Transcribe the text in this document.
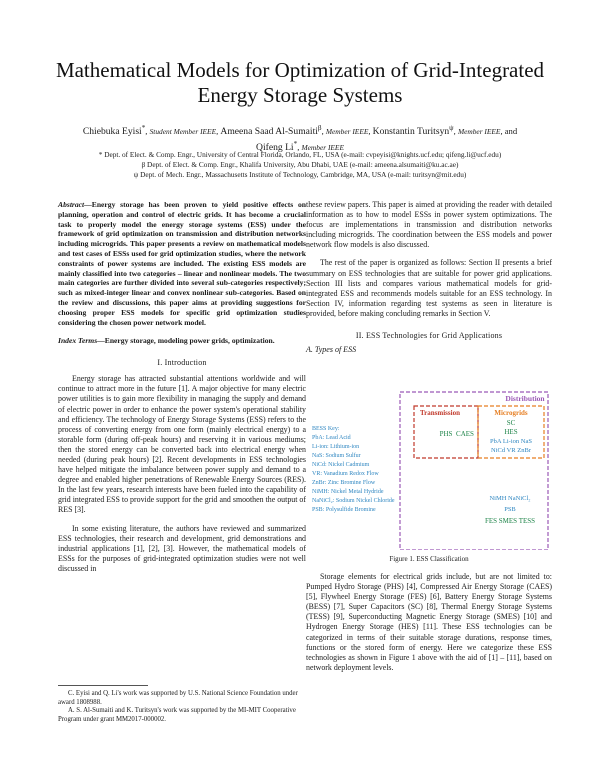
Mathematical Models for Optimization of Grid-Integrated Energy Storage Systems
Chiebuka Eyisi*, Student Member IEEE, Ameena Saad Al-Sumaiti$^\beta$, Member IEEE, Konstantin Turitsyn$^\psi$, Member IEEE, and
Qifeng Li*, Member IEEE
* Dept. of Elect. & Comp. Engr., University of Central Florida, Orlando, FL, USA (e-mail: cvpeyisi@knights.ucf.edu; qifeng.li@ucf.edu)
β Dept. of Elect. & Comp. Engr., Khalifa University, Abu Dhabi, UAE (e-mail: ameena.alsumaiti@ku.ac.ae)
ψ Dept. of Mech. Engr., Massachusetts Institute of Technology, Cambridge, MA, USA (e-mail: turitsyn@mit.edu)
Abstract—Energy storage has been proven to yield positive effects on planning, operation and control of electric grids. It has become a crucial task to properly model the energy storage systems (ESS) under the framework of grid optimization on transmission and distribution networks including microgrids. This paper presents a review on mathematical models and test cases of ESSs used for grid optimization studies, where the network constraints of power systems are included. The existing ESS models are mainly classified into two categories – linear and nonlinear models. The two main categories are further divided into several sub-categories respectively; such as mixed-integer linear and convex nonlinear sub-categories. Based on the review and discussions, this paper aims at providing suggestions for choosing proper ESS models for specific grid optimization studies considering the chosen power network model.
Index Terms—Energy storage, modeling power grids, optimization.
I. Introduction

Energy storage has attracted substantial attentions worldwide and will continue to attract more in the future [1]. A major objective for many electric power utilities is to gain more flexibility in managing the supply and demand of electric power in order to enhance the power system's operational stability and efficiency. The technology of Energy Storage Systems (ESS) refers to the process of converting energy from one form (mainly electrical energy) to a storable form (during off-peak hours) and reserving it in various mediums; then the stored energy can be converted back into electrical energy when needed (during peak hours) [2]. Recent developments in ESS technologies have helped mitigate the imbalance between power supply and demand to a degree and enabled higher penetrations of Renewable Energy Sources (RES). In the last few years, research interests have been fueled into the capability of grid integrated ESS to provide support for the grid and smoothen the output of RES [3].

In some existing literature, the authors have reviewed and summarized ESS technologies, their research and development, grid demonstrations and industrial applications [1], [2], [3]. However, the mathematical models of ESSs for the purposes of grid-integrated optimization studies were not well discussed in

C. Eyisi and Q. Li's work was supported by U.S. National Science Foundation under award 1808988.

A. S. Al-Sumaiti and K. Turitsyn's work was supported by the MI-MIT Cooperative Program under grant MM2017-000002.

these review papers. This paper is aimed at providing the reader with detailed information as to how to model ESSs in power system optimizations. The focus are implementations in transmission and distribution networks including microgrids. The coordination between the ESS models and power network flow models is also discussed.

The rest of the paper is organized as follows: Section II presents a brief summary on ESS technologies that are suitable for power grid applications. Section III lists and compares various mathematical models for grid-integrated ESS and recommends models suitable for an ESS technology. In Section IV, information regarding test systems as seen in literature is provided, before making concluding remarks in Section V.

II. ESS Technologies for Grid Applications
A. Types of ESS
Distribution
Transmission	Microgrids
PHS CAES
SC
HES
PbA Li-ion NaS
NiCd VR ZnBr
NiMH NaNiCl₂
PSB
FES SMES TESS
BESS Key:
PbA: Lead Acid
Li-ion: Lithium-ion
NaS: Sodium Sulfur
NiCd: Nickel Cadmium
VR: Vanadium Redox Flow
ZnBr: Zinc Bromine Flow
NiMH: Nickel Metal Hydride
NaNiCl₂: Sodium Nickel Chloride
PSB: Polysulfide Bromine
Figure 1. ESS Classification

Storage elements for electrical grids include, but are not limited to: Pumped Hydro Storage (PHS) [4], Compressed Air Energy Storage (CAES) [5], Flywheel Energy Storage (FES) [6], Battery Energy Storage Systems (BESS) [7], Super Capacitors (SC) [8], Thermal Energy Storage Systems (TESS) [9], Superconducting Magnetic Energy Storage (SMES) [10] and Hydrogen Energy Storage (HES) [11]. These ESS technologies can be categorized in terms of their suitable storage durations, response times, functions or the stored form of energy. Here we categorize these ESS technologies as shown in Figure 1 above with the aid of [1] – [11], based on network deployment levels.
